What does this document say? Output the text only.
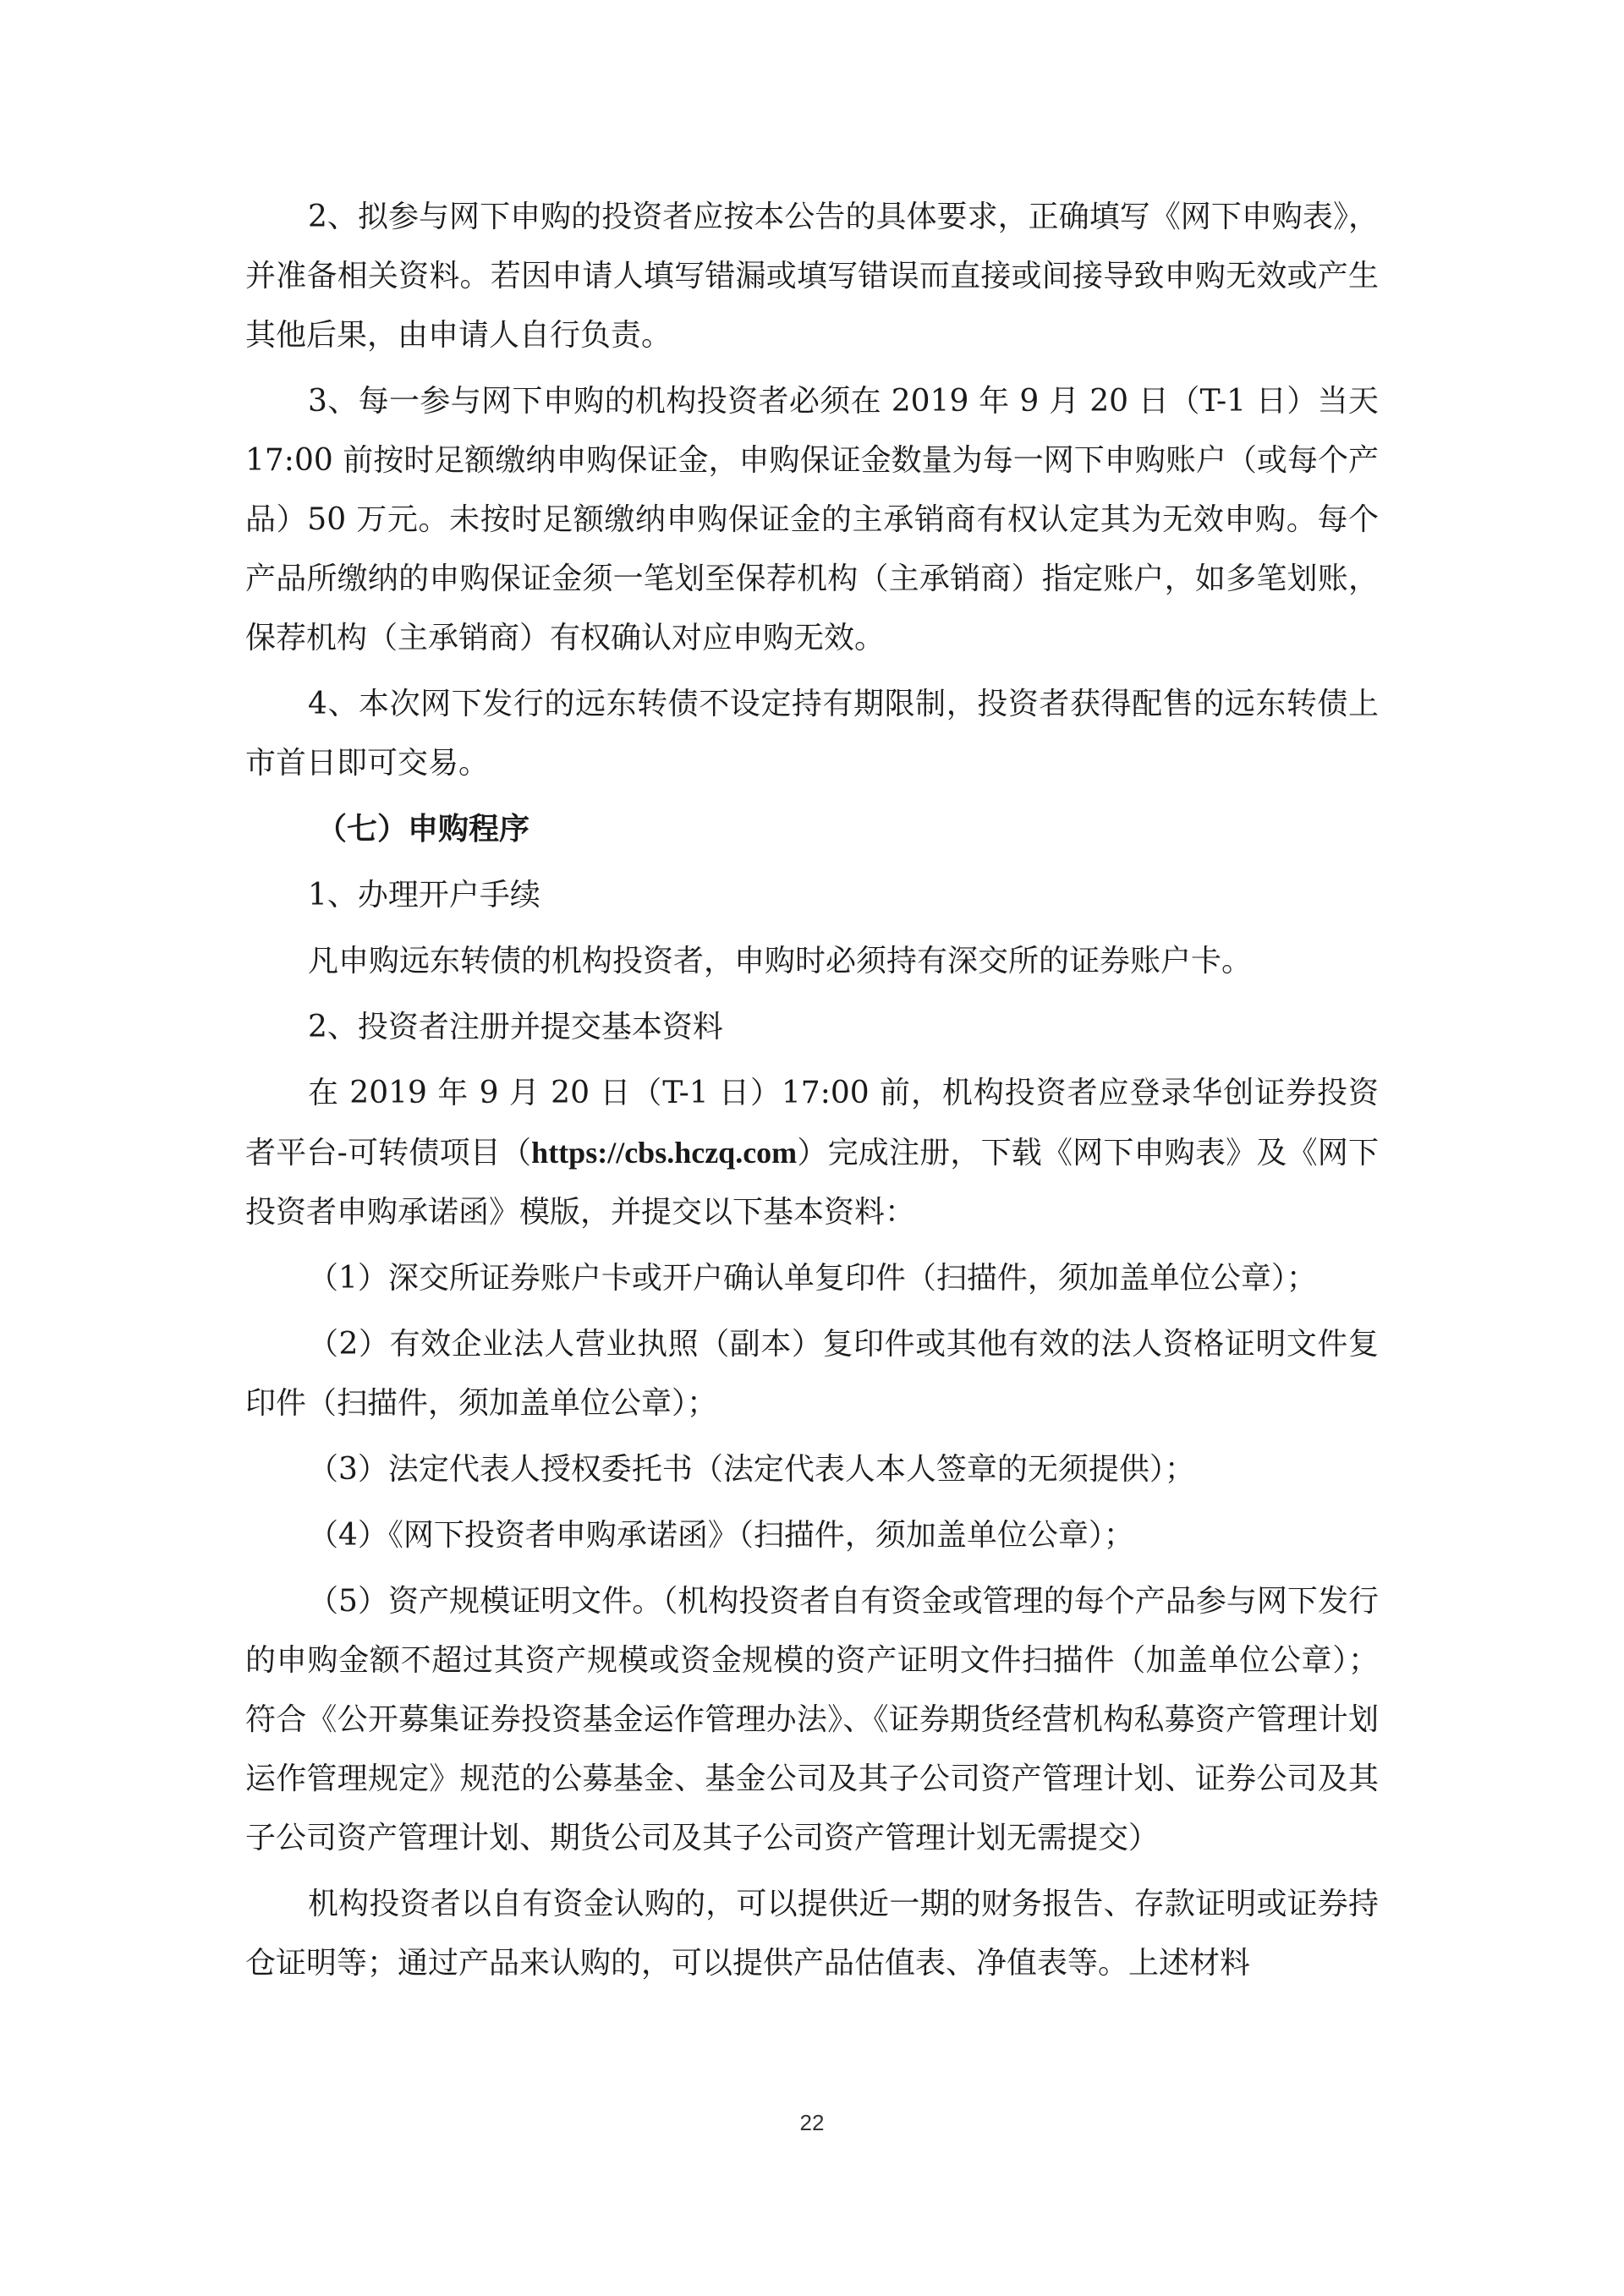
2、拟参与网下申购的投资者应按本公告的具体要求，正确填写《网下申购表》，并准备相关资料。若因申请人填写错漏或填写错误而直接或间接导致申购无效或产生其他后果，由申请人自行负责。

3、每一参与网下申购的机构投资者必须在 2019 年 9 月 20 日（T-1 日）当天 17:00 前按时足额缴纳申购保证金，申购保证金数量为每一网下申购账户（或每个产品）50 万元。未按时足额缴纳申购保证金的主承销商有权认定其为无效申购。每个产品所缴纳的申购保证金须一笔划至保荐机构（主承销商）指定账户，如多笔划账，保荐机构（主承销商）有权确认对应申购无效。

4、本次网下发行的远东转债不设定持有期限制，投资者获得配售的远东转债上市首日即可交易。

（七）申购程序

1、办理开户手续

凡申购远东转债的机构投资者，申购时必须持有深交所的证券账户卡。

2、投资者注册并提交基本资料

在 2019 年 9 月 20 日（T-1 日）17:00 前，机构投资者应登录华创证券投资者平台-可转债项目（https://cbs.hczq.com）完成注册，下载《网下申购表》及《网下投资者申购承诺函》模版，并提交以下基本资料：

（1）深交所证券账户卡或开户确认单复印件（扫描件，须加盖单位公章）；

（2）有效企业法人营业执照（副本）复印件或其他有效的法人资格证明文件复印件（扫描件，须加盖单位公章）；

（3）法定代表人授权委托书（法定代表人本人签章的无须提供）；

（4）《网下投资者申购承诺函》（扫描件，须加盖单位公章）；

（5）资产规模证明文件。（机构投资者自有资金或管理的每个产品参与网下发行的申购金额不超过其资产规模或资金规模的资产证明文件扫描件（加盖单位公章）；符合《公开募集证券投资基金运作管理办法》、《证券期货经营机构私募资产管理计划运作管理规定》规范的公募基金、基金公司及其子公司资产管理计划、证券公司及其子公司资产管理计划、期货公司及其子公司资产管理计划无需提交）

机构投资者以自有资金认购的，可以提供近一期的财务报告、存款证明或证券持仓证明等；通过产品来认购的，可以提供产品估值表、净值表等。上述材料

22
